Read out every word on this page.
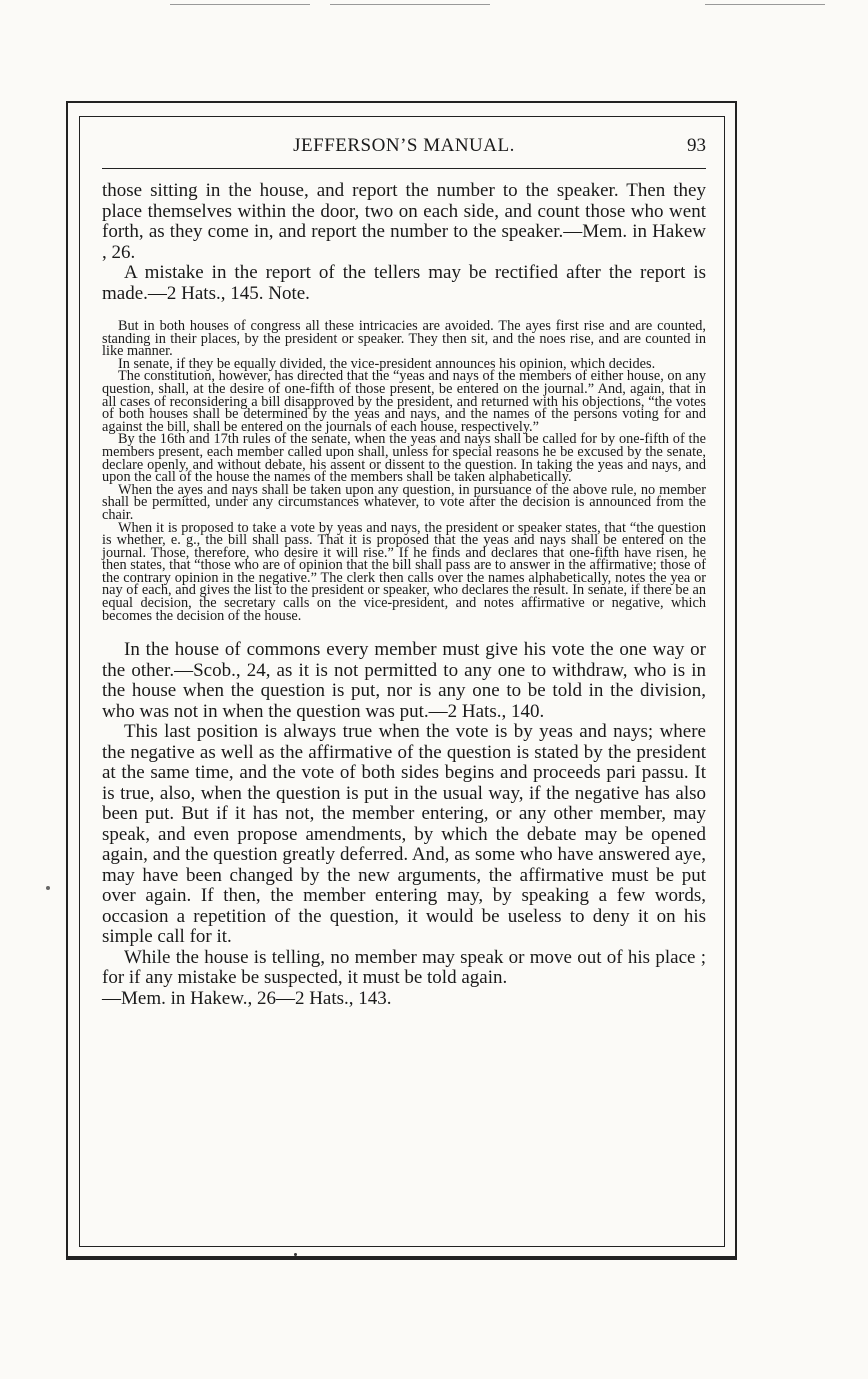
JEFFERSON’S MANUAL.	93

those sitting in the house, and report the number to the speaker. Then they place themselves within the door, two on each side, and count those who went forth, as they come in, and report the number to the speaker.—Mem. in Hakew , 26.

A mistake in the report of the tellers may be rectified after the report is made.—2 Hats., 145. Note.

But in both houses of congress all these intricacies are avoided. The ayes first rise and are counted, standing in their places, by the president or speaker. They then sit, and the noes rise, and are counted in like manner.

In senate, if they be equally divided, the vice-president announces his opinion, which decides.

The constitution, however, has directed that the “yeas and nays of the members of either house, on any question, shall, at the desire of one-fifth of those present, be entered on the journal.” And, again, that in all cases of reconsidering a bill disapproved by the president, and returned with his objections, “the votes of both houses shall be determined by the yeas and nays, and the names of the persons voting for and against the bill, shall be entered on the journals of each house, respectively.”

By the 16th and 17th rules of the senate, when the yeas and nays shall be called for by one-fifth of the members present, each member called upon shall, unless for special reasons he be excused by the senate, declare openly, and without debate, his assent or dissent to the question. In taking the yeas and nays, and upon the call of the house the names of the members shall be taken alphabetically.

When the ayes and nays shall be taken upon any question, in pursuance of the above rule, no member shall be permitted, under any circumstances whatever, to vote after the decision is announced from the chair.

When it is proposed to take a vote by yeas and nays, the president or speaker states, that “the question is whether, e. g., the bill shall pass. That it is proposed that the yeas and nays shall be entered on the journal. Those, therefore, who desire it will rise.” If he finds and declares that one-fifth have risen, he then states, that “those who are of opinion that the bill shall pass are to answer in the affirmative; those of the contrary opinion in the negative.” The clerk then calls over the names alphabetically, notes the yea or nay of each, and gives the list to the president or speaker, who declares the result. In senate, if there be an equal decision, the secretary calls on the vice-president, and notes affirmative or negative, which becomes the decision of the house.

In the house of commons every member must give his vote the one way or the other.—Scob., 24, as it is not permitted to any one to withdraw, who is in the house when the question is put, nor is any one to be told in the division, who was not in when the question was put.—2 Hats., 140.

This last position is always true when the vote is by yeas and nays; where the negative as well as the affirmative of the question is stated by the president at the same time, and the vote of both sides begins and proceeds pari passu. It is true, also, when the question is put in the usual way, if the negative has also been put. But if it has not, the member entering, or any other member, may speak, and even propose amendments, by which the debate may be opened again, and the question greatly deferred. And, as some who have answered aye, may have been changed by the new arguments, the affirmative must be put over again. If then, the member entering may, by speaking a few words, occasion a repetition of the question, it would be useless to deny it on his simple call for it.

While the house is telling, no member may speak or move out of his place ; for if any mistake be suspected, it must be told again.

—Mem. in Hakew., 26—2 Hats., 143.
